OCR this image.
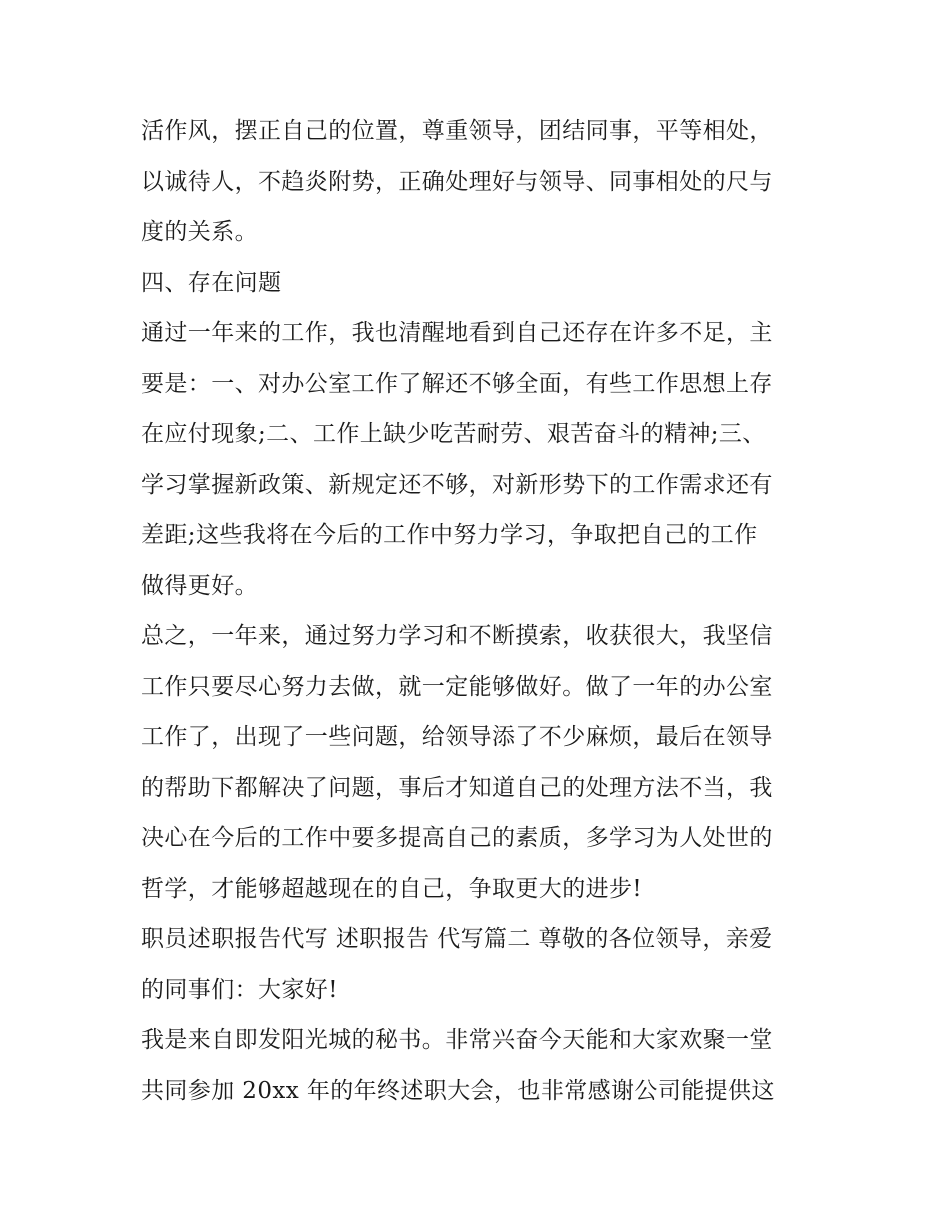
活作风，摆正自己的位置，尊重领导，团结同事，平等相处，
以诚待人，不趋炎附势，正确处理好与领导、同事相处的尺与
度的关系。
四、存在问题
通过一年来的工作，我也清醒地看到自己还存在许多不足，主
要是：一、对办公室工作了解还不够全面，有些工作思想上存
在应付现象;二、工作上缺少吃苦耐劳、艰苦奋斗的精神;三、
学习掌握新政策、新规定还不够，对新形势下的工作需求还有
差距;这些我将在今后的工作中努力学习，争取把自己的工作
做得更好。
总之，一年来，通过努力学习和不断摸索，收获很大，我坚信
工作只要尽心努力去做，就一定能够做好。做了一年的办公室
工作了，出现了一些问题，给领导添了不少麻烦，最后在领导
的帮助下都解决了问题，事后才知道自己的处理方法不当，我
决心在今后的工作中要多提高自己的素质，多学习为人处世的
哲学，才能够超越现在的自己，争取更大的进步!
职员述职报告代写 述职报告 代写篇二 尊敬的各位领导，亲爱
的同事们：大家好!
我是来自即发阳光城的秘书。非常兴奋今天能和大家欢聚一堂
共同参加 20xx 年的年终述职大会，也非常感谢公司能提供这
